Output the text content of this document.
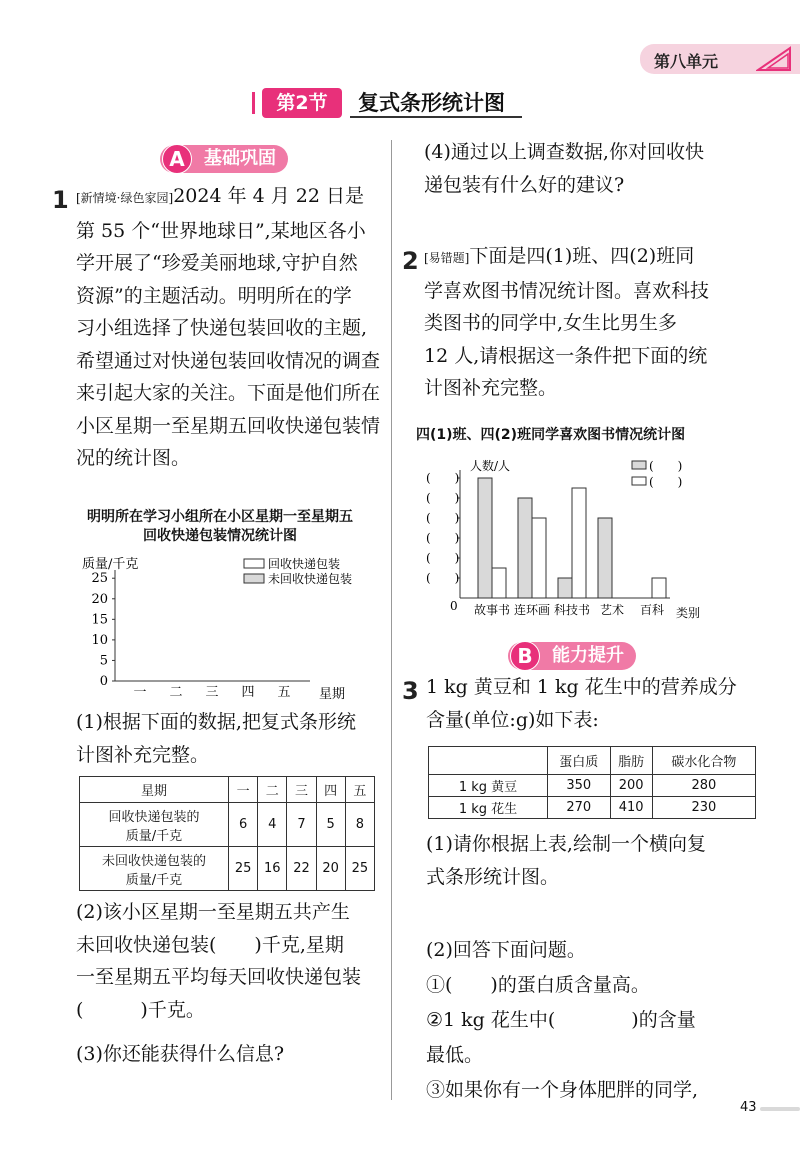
第八单元
第2节	复式条形统计图
A	基础巩固
1 [新情境·绿色家园]2024 年 4 月 22 日是
第 55 个“世界地球日”,某地区各小
学开展了“珍爱美丽地球,守护自然
资源”的主题活动。明明所在的学
习小组选择了快递包装回收的主题,
希望通过对快递包装回收情况的调查
来引起大家的关注。下面是他们所在
小区星期一至星期五回收快递包装情
况的统计图。
明明所在学习小组所在小区星期一至星期五
回收快递包装情况统计图
质量/千克	回收快递包装
未回收快递包装
0
5
10
15
20
25
一 二 三 四 五 星期
(1)根据下面的数据,把复式条形统
计图补充完整。
星期	一	二	三	四	五

回收快递包装的
质量/千克	6	4	7	5	8

未回收快递包装的
质量/千克	25	16	22	20	25
(2)该小区星期一至星期五共产生
未回收快递包装(　　)千克,星期
一至星期五平均每天回收快递包装
(　　　)千克。
(3)你还能获得什么信息?
(4)通过以上调查数据,你对回收快
递包装有什么好的建议?
2 [易错题]下面是四(1)班、四(2)班同
学喜欢图书情况统计图。喜欢科技
类图书的同学中,女生比男生多
12 人,请根据这一条件把下面的统
计图补充完整。
四(1)班、四(2)班同学喜欢图书情况统计图
人数/人	(　　)
(　　)
0
(　　)
(　　)
(　　)
(　　)
(　　)
(　　)
故事书 连环画 科技书 艺术 百科 类别
B	能力提升
3 1 kg 黄豆和 1 kg 花生中的营养成分
含量(单位:g)如下表:
	蛋白质	脂肪	碳水化合物
1 kg 黄豆	350	200	280
1 kg 花生	270	410	230
(1)请你根据上表,绘制一个横向复
式条形统计图。
(2)回答下面问题。
①(　　)的蛋白质含量高。
②1 kg 花生中(　　　　)的含量
最低。
③如果你有一个身体肥胖的同学,
43
